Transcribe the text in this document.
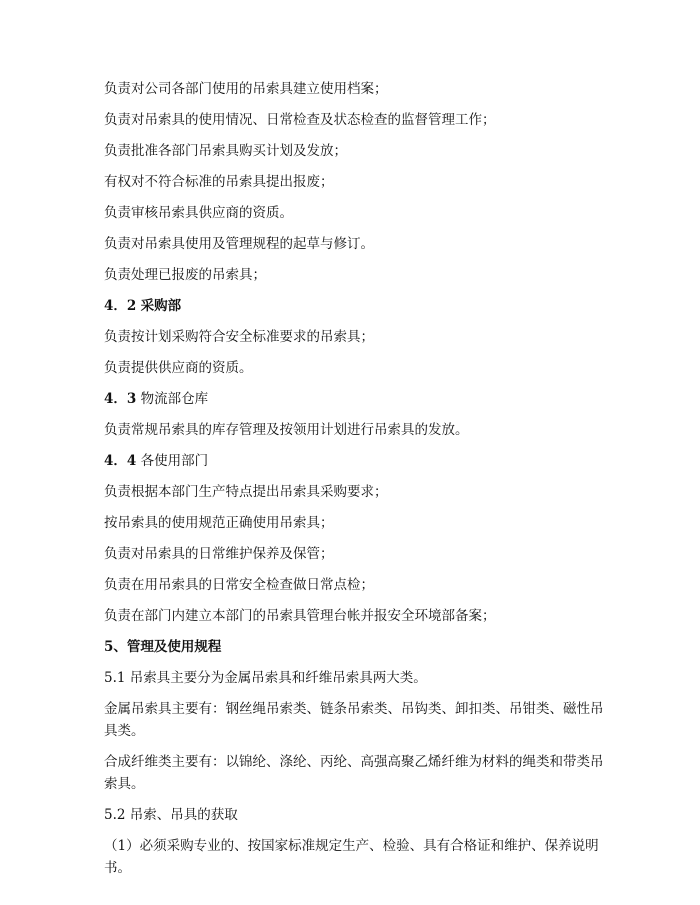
负责对公司各部门使用的吊索具建立使用档案；

负责对吊索具的使用情况、日常检查及状态检查的监督管理工作；

负责批准各部门吊索具购买计划及发放；

有权对不符合标准的吊索具提出报废；

负责审核吊索具供应商的资质。

负责对吊索具使用及管理规程的起草与修订。

负责处理已报废的吊索具；

4．2 采购部

负责按计划采购符合安全标准要求的吊索具；

负责提供供应商的资质。

4．3 物流部仓库

负责常规吊索具的库存管理及按领用计划进行吊索具的发放。

4．4 各使用部门

负责根据本部门生产特点提出吊索具采购要求；

按吊索具的使用规范正确使用吊索具；

负责对吊索具的日常维护保养及保管；

负责在用吊索具的日常安全检查做日常点检；

负责在部门内建立本部门的吊索具管理台帐并报安全环境部备案；

5、管理及使用规程

5.1 吊索具主要分为金属吊索具和纤维吊索具两大类。

金属吊索具主要有：钢丝绳吊索类、链条吊索类、吊钩类、卸扣类、吊钳类、磁性吊具类。

合成纤维类主要有：以锦纶、涤纶、丙纶、高强高聚乙烯纤维为材料的绳类和带类吊索具。

5.2 吊索、吊具的获取

（1）必须采购专业的、按国家标准规定生产、检验、具有合格证和维护、保养说明书。
